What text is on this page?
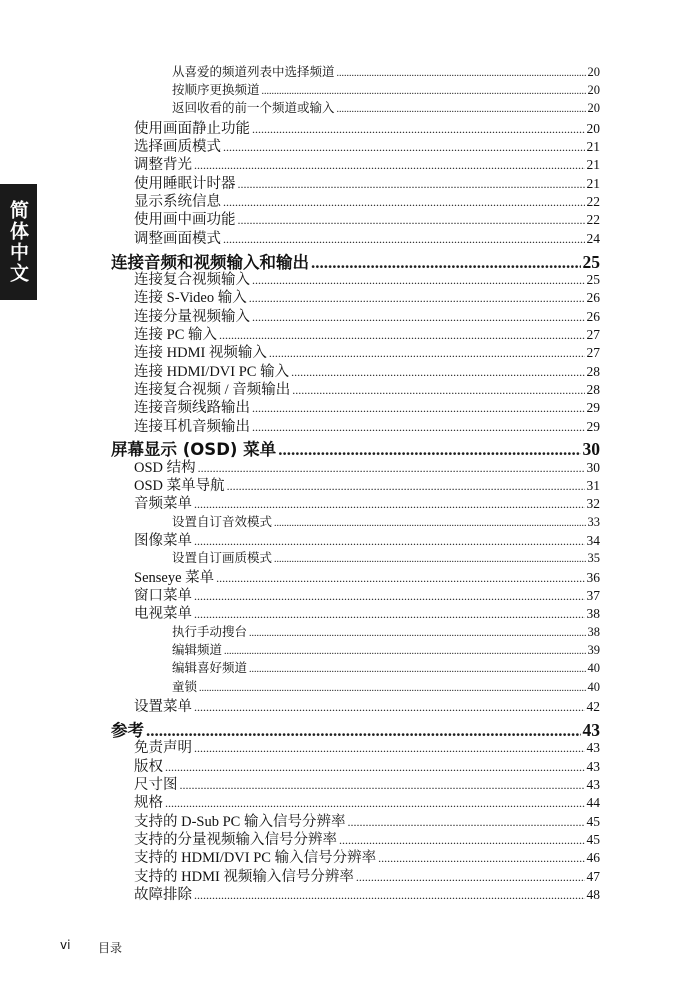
简体中文
从喜爱的频道列表中选择频道 .....	20
按顺序更换频道 .....	20
返回收看的前一个频道或输入 .....	20
使用画面静止功能 .....	20
选择画质模式 .....	21
调整背光 .....	21
使用睡眠计时器 .....	21
显示系统信息 .....	22
使用画中画功能 .....	22
调整画面模式 .....	24
连接音频和视频输入和输出 .....	25
连接复合视频输入 .....	25
连接 S-Video 输入 .....	26
连接分量视频输入 .....	26
连接 PC 输入 .....	27
连接 HDMI 视频输入 .....	27
连接 HDMI/DVI PC 输入 .....	28
连接复合视频 / 音频输出 .....	28
连接音频线路输出 .....	29
连接耳机音频输出 .....	29
屏幕显示 (OSD) 菜单 .....	30
OSD 结构 .....	30
OSD 菜单导航 .....	31
音频菜单 .....	32
设置自订音效模式 .....	33
图像菜单 .....	34
设置自订画质模式 .....	35
Senseye 菜单 .....	36
窗口菜单 .....	37
电视菜单 .....	38
执行手动搜台 .....	38
编辑频道 .....	39
编辑喜好频道 .....	40
童锁 .....	40
设置菜单 .....	42
参考 .....	43
免责声明 .....	43
版权 .....	43
尺寸图 .....	43
规格 .....	44
支持的 D-Sub PC 输入信号分辨率 .....	45
支持的分量视频输入信号分辨率 .....	45
支持的 HDMI/DVI PC 输入信号分辨率 .....	46
支持的 HDMI 视频输入信号分辨率 .....	47
故障排除 .....	48
vi 目录
